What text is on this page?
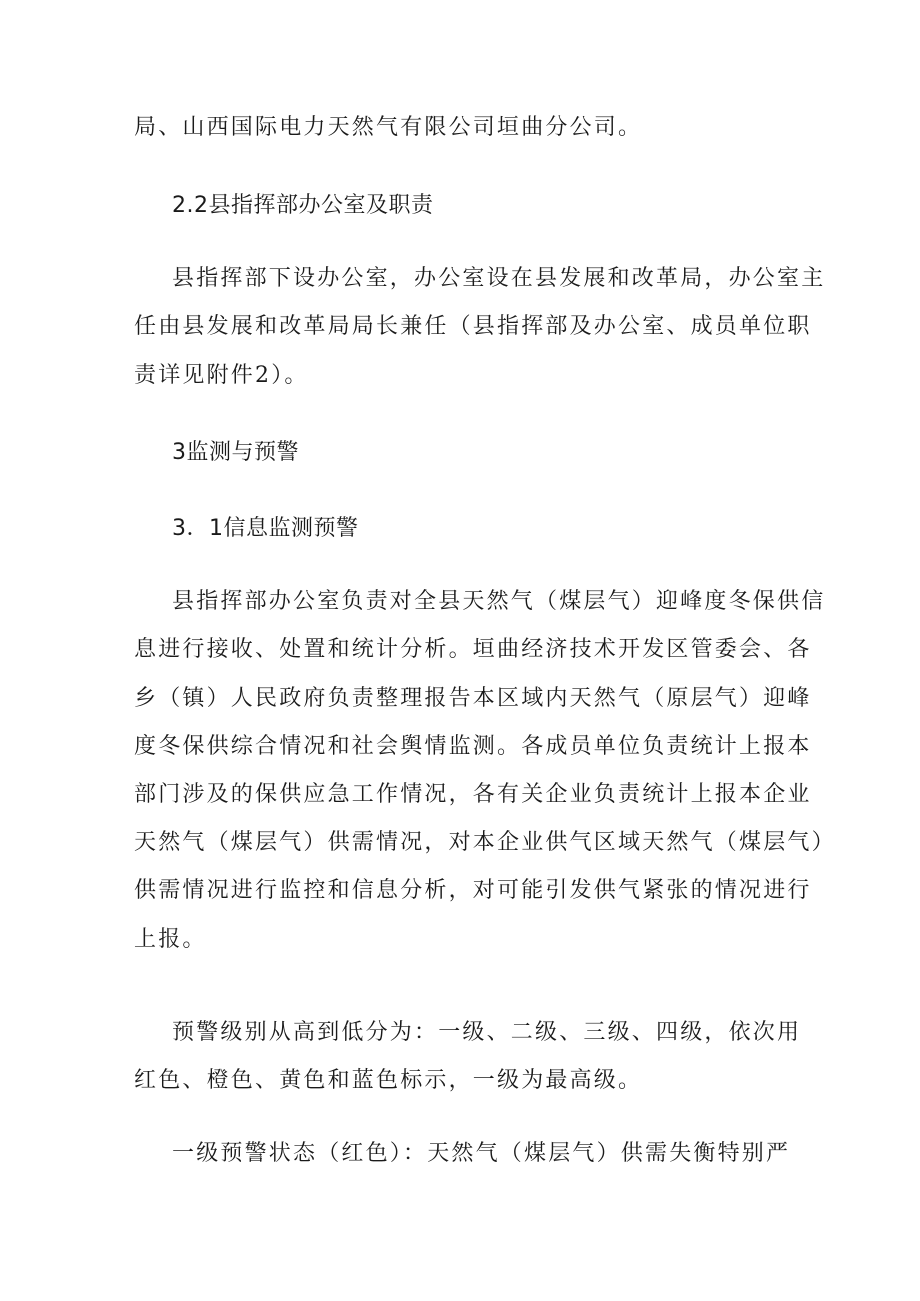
局、山西国际电力天然气有限公司垣曲分公司。
2.2县指挥部办公室及职责
县指挥部下设办公室，办公室设在县发展和改革局，办公室主
任由县发展和改革局局长兼任（县指挥部及办公室、成员单位职
责详见附件2）。
3监测与预警
3．1信息监测预警
县指挥部办公室负责对全县天然气（煤层气）迎峰度冬保供信
息进行接收、处置和统计分析。垣曲经济技术开发区管委会、各
乡（镇）人民政府负责整理报告本区域内天然气（原层气）迎峰
度冬保供综合情况和社会舆情监测。各成员单位负责统计上报本
部门涉及的保供应急工作情况，各有关企业负责统计上报本企业
天然气（煤层气）供需情况，对本企业供气区域天然气（煤层气）
供需情况进行监控和信息分析，对可能引发供气紧张的情况进行
上报。
预警级别从高到低分为：一级、二级、三级、四级，依次用
红色、橙色、黄色和蓝色标示，一级为最高级。
一级预警状态（红色）：天然气（煤层气）供需失衡特别严
